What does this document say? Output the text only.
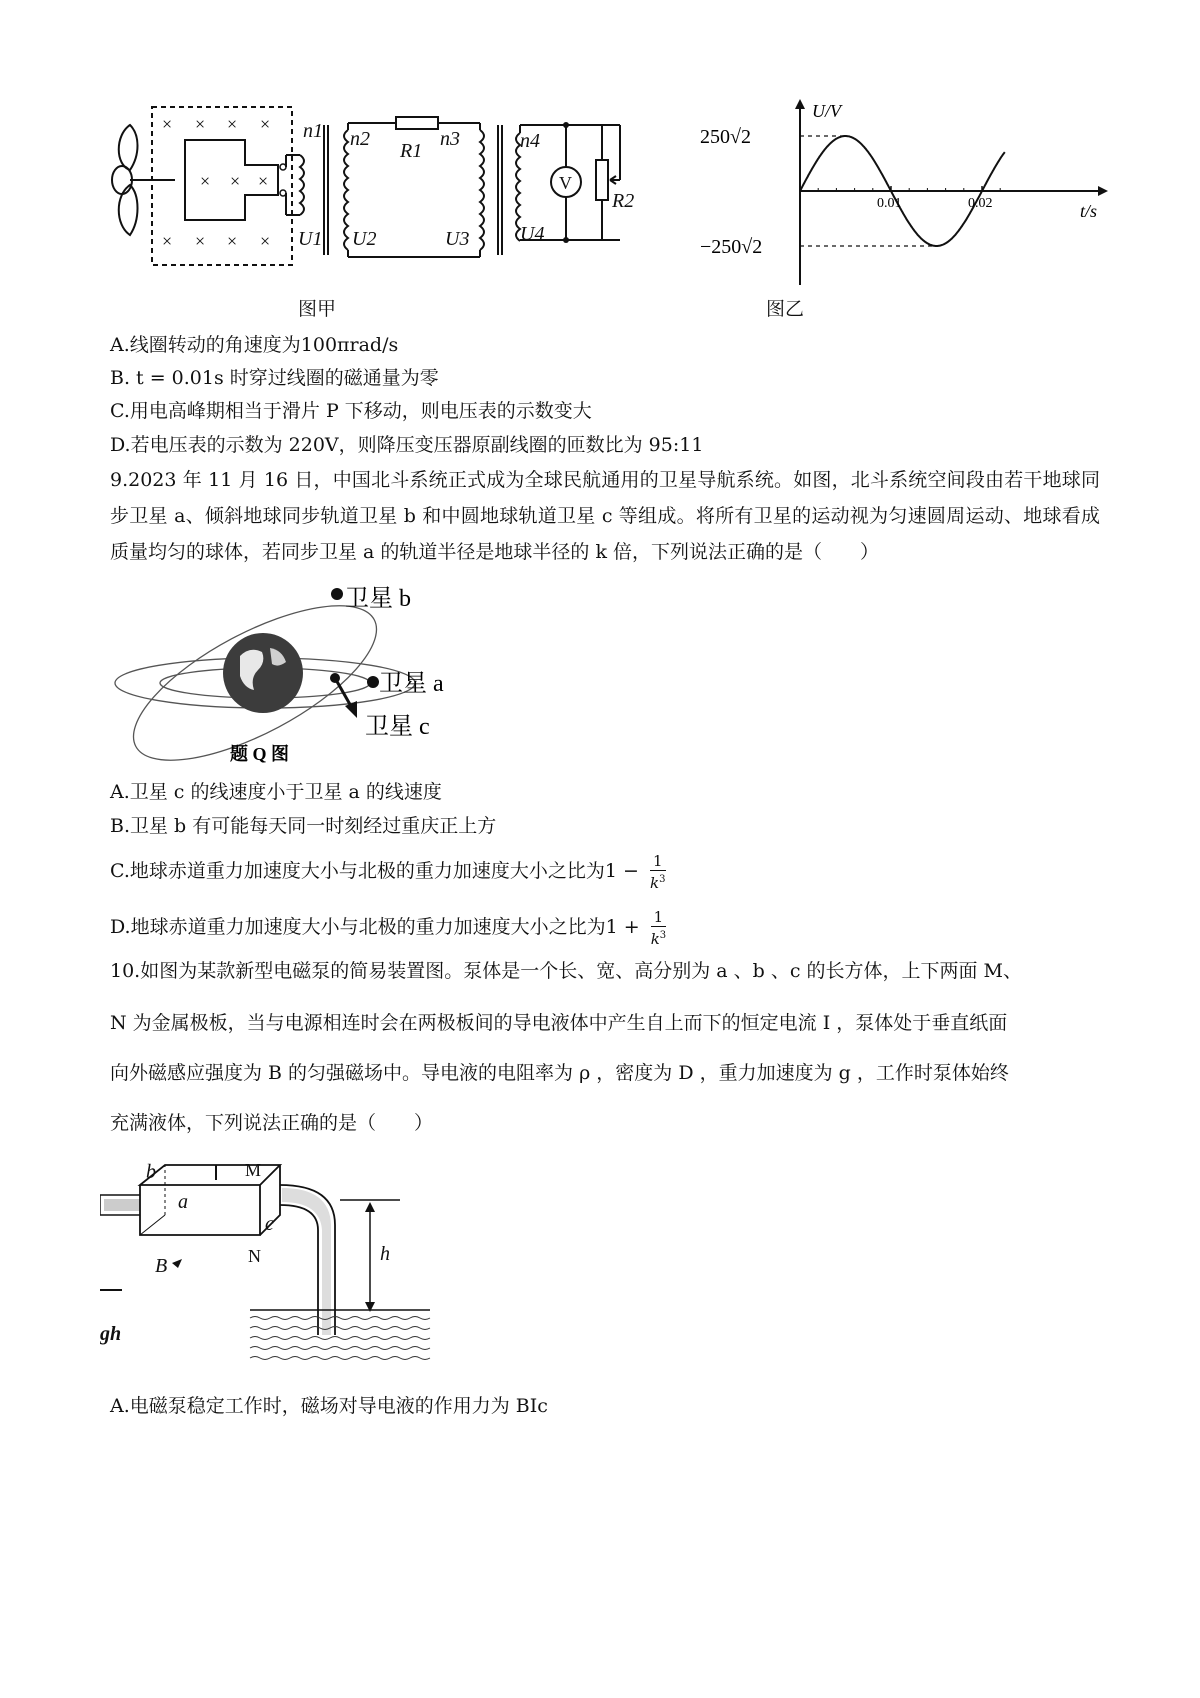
× × × ×
× × ×
× × × ×
n1 n2	n3	n4
R1
R2
U1 U2	U3	U4
V
U/V
t/s
250√2
−250√2
0.01	0.02
图甲	图乙
A.线圈转动的角速度为100πrad/s
B. t = 0.01s 时穿过线圈的磁通量为零
C.用电高峰期相当于滑片 P 下移动，则电压表的示数变大
D.若电压表的示数为 220V，则降压变压器原副线圈的匝数比为 95:11
9.2023 年 11 月 16 日，中国北斗系统正式成为全球民航通用的卫星导航系统。如图，北斗系统空间段由若干地球同步卫星 a、倾斜地球同步轨道卫星 b 和中圆地球轨道卫星 c 等组成。将所有卫星的运动视为匀速圆周运动、地球看成质量均匀的球体，若同步卫星 a 的轨道半径是地球半径的 k 倍，下列说法正确的是（　　）
卫星 b
卫星 a
卫星 c
题 Q 图
A.卫星 c 的线速度小于卫星 a 的线速度
B.卫星 b 有可能每天同一时刻经过重庆正上方
C.地球赤道重力加速度大小与北极的重力加速度大小之比为$1 - \frac{1}{k^3}$
D.地球赤道重力加速度大小与北极的重力加速度大小之比为$1 + \frac{1}{k^3}$
10.如图为某款新型电磁泵的简易装置图。泵体是一个长、宽、高分别为 a 、b 、c 的长方体，上下两面 M、
N 为金属极板，当与电源相连时会在两极板间的导电液体中产生自上而下的恒定电流 I ，泵体处于垂直纸面
向外磁感应强度为 B 的匀强磁场中。导电液的电阻率为 ρ ，密度为 D ，重力加速度为 g ，工作时泵体始终
充满液体，下列说法正确的是（　　）
b
a
c
h
B
gh
M
N
A.电磁泵稳定工作时，磁场对导电液的作用力为 BIc
